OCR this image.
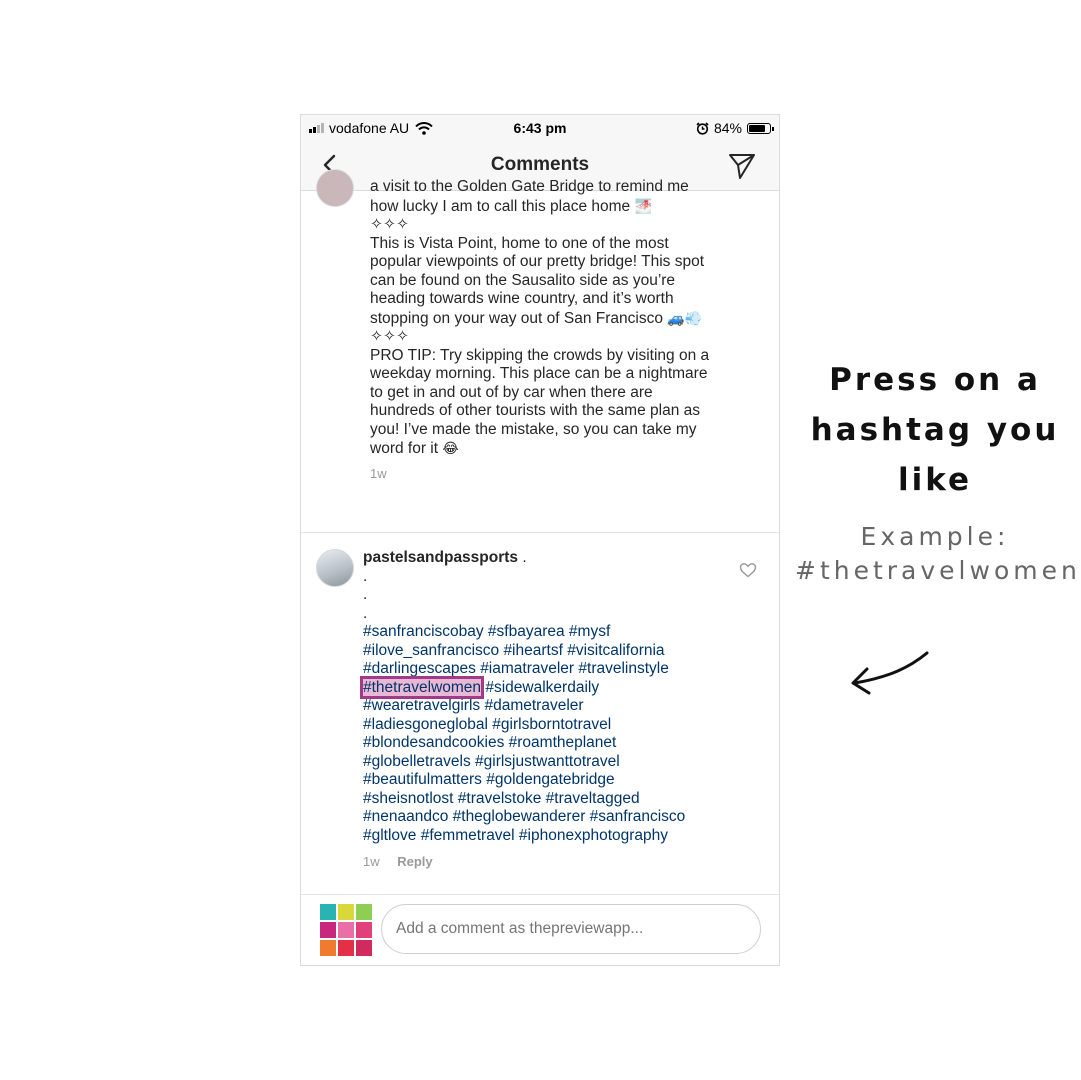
vodafone AU	6:43 pm	84%
Comments

a visit to the Golden Gate Bridge to remind me how lucky I am to call this place home 🌁

✧✧✧

This is Vista Point, home to one of the most popular viewpoints of our pretty bridge! This spot can be found on the Sausalito side as you’re heading towards wine country, and it’s worth stopping on your way out of San Francisco 🚙💨

✧✧✧

PRO TIP: Try skipping the crowds by visiting on a weekday morning. This place can be a nightmare to get in and out of by car when there are hundreds of other tourists with the same plan as you! I’ve made the mistake, so you can take my word for it 😂

1w
pastelsandpassports .
.
.
.
#sanfranciscobay #sfbayarea #mysf
#ilove_sanfrancisco #iheartsf #visitcalifornia
#darlingescapes #iamatraveler #travelinstyle
#thetravelwomen #sidewalkerdaily
#wearetravelgirls #dametraveler
#ladiesgoneglobal #girlsborntotravel
#blondesandcookies #roamtheplanet
#globelletravels #girlsjustwanttotravel
#beautifulmatters #goldengatebridge
#sheisnotlost #travelstoke #traveltagged
#nenaandco #theglobewanderer #sanfrancisco
#gltlove #femmetravel #iphonexphotography
1w Reply
Add a comment as thepreviewapp...
Press on a
hashtag you
like
Example:
#thetravelwomen
